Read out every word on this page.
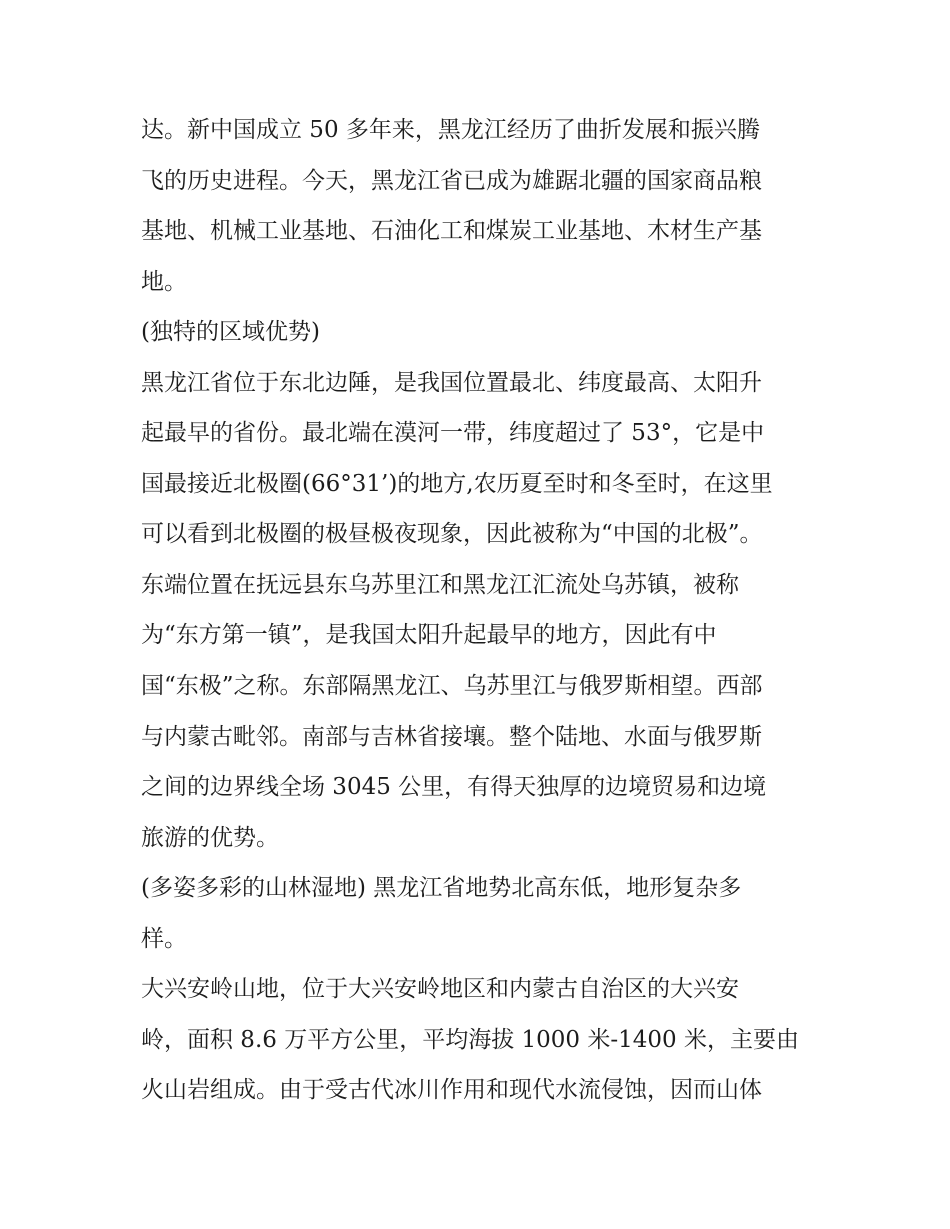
达。新中国成立 50 多年来，黑龙江经历了曲折发展和振兴腾
飞的历史进程。今天，黑龙江省已成为雄踞北疆的国家商品粮
基地、机械工业基地、石油化工和煤炭工业基地、木材生产基
地。
(独特的区域优势)
黑龙江省位于东北边陲，是我国位置最北、纬度最高、太阳升
起最早的省份。最北端在漠河一带，纬度超过了 53°，它是中
国最接近北极圈(66°31’)的地方,农历夏至时和冬至时，在这里
可以看到北极圈的极昼极夜现象，因此被称为“中国的北极”。
东端位置在抚远县东乌苏里江和黑龙江汇流处乌苏镇，被称
为“东方第一镇”，是我国太阳升起最早的地方，因此有中
国“东极”之称。东部隔黑龙江、乌苏里江与俄罗斯相望。西部
与内蒙古毗邻。南部与吉林省接壤。整个陆地、水面与俄罗斯
之间的边界线全场 3045 公里，有得天独厚的边境贸易和边境
旅游的优势。
(多姿多彩的山林湿地) 黑龙江省地势北高东低，地形复杂多
样。
大兴安岭山地，位于大兴安岭地区和内蒙古自治区的大兴安
岭，面积 8.6 万平方公里，平均海拔 1000 米-1400 米，主要由
火山岩组成。由于受古代冰川作用和现代水流侵蚀，因而山体
